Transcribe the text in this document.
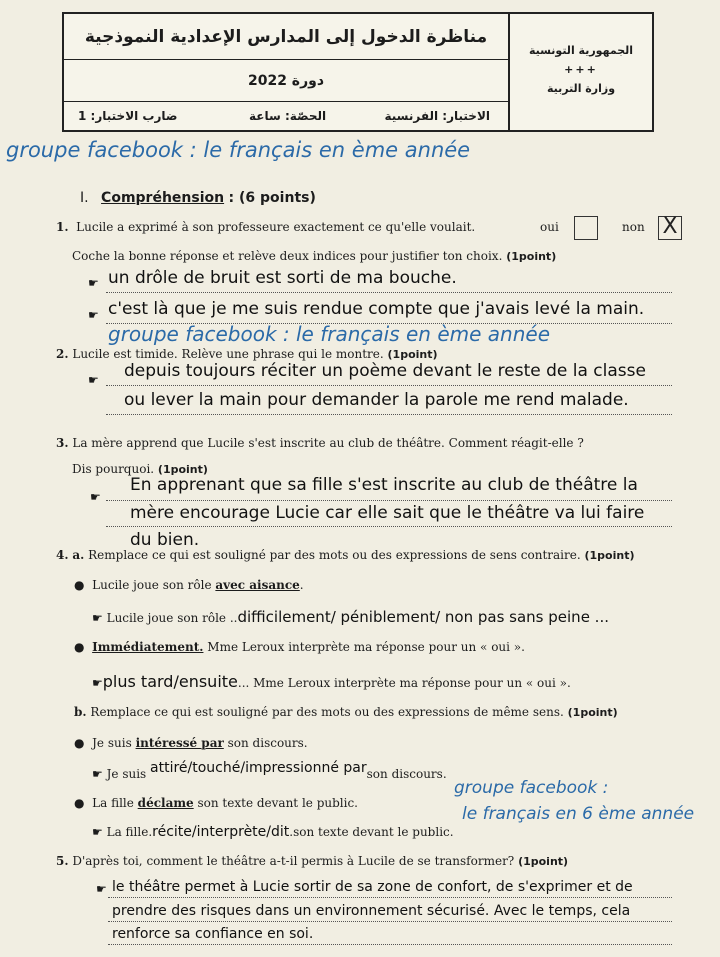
مناظرة الدخول إلى المدارس الإعدادية النموذجية
دورة 2022
الاختبار: الفرنسية
الحصّة: ساعة
ضارب الاختبار: 1
الجمهورية التونسية
+++
وزارة التربية
groupe facebook : le français en ème année
I. Compréhension : (6 points)
1. Lucile a exprimé à son professeure exactement ce qu'elle voulait.	oui	non X
Coche la bonne réponse et relève deux indices pour justifier ton choix. (1point)
☛ un drôle de bruit est sorti de ma bouche.
☛ c'est là que je me suis rendue compte que j'avais levé la main.
groupe facebook : le français en ème année
2. Lucile est timide. Relève une phrase qui le montre. (1point)
☛ depuis toujours réciter un poème devant le reste de la classe
ou lever la main pour demander la parole me rend malade.
3. La mère apprend que Lucile s'est inscrite au club de théâtre. Comment réagit-elle ?
Dis pourquoi. (1point)
☛
En apprenant que sa fille s'est inscrite au club de théâtre la
mère encourage Lucie car elle sait que le théâtre va lui faire
du bien.
4. a. Remplace ce qui est souligné par des mots ou des expressions de sens contraire. (1point)
● Lucile joue son rôle avec aisance.
☛ Lucile joue son rôle ..difficilement/ péniblement/ non pas sans peine ...
● Immédiatement. Mme Leroux interprète ma réponse pour un « oui ».
☛plus tard/ensuite... Mme Leroux interprète ma réponse pour un « oui ».
b. Remplace ce qui est souligné par des mots ou des expressions de même sens. (1point)
● Je suis intéressé par son discours.
☛ Je suis attiré/touché/impressionné parson discours.
groupe facebook :
le français en 6 ème année
● La fille déclame son texte devant le public.
☛ La fille.récite/interprète/dit.son texte devant le public.
5. D'après toi, comment le théâtre a-t-il permis à Lucile de se transformer? (1point)
☛ le théâtre permet à Lucie sortir de sa zone de confort, de s'exprimer et de
prendre des risques dans un environnement sécurisé. Avec le temps, cela
renforce sa confiance en soi.
